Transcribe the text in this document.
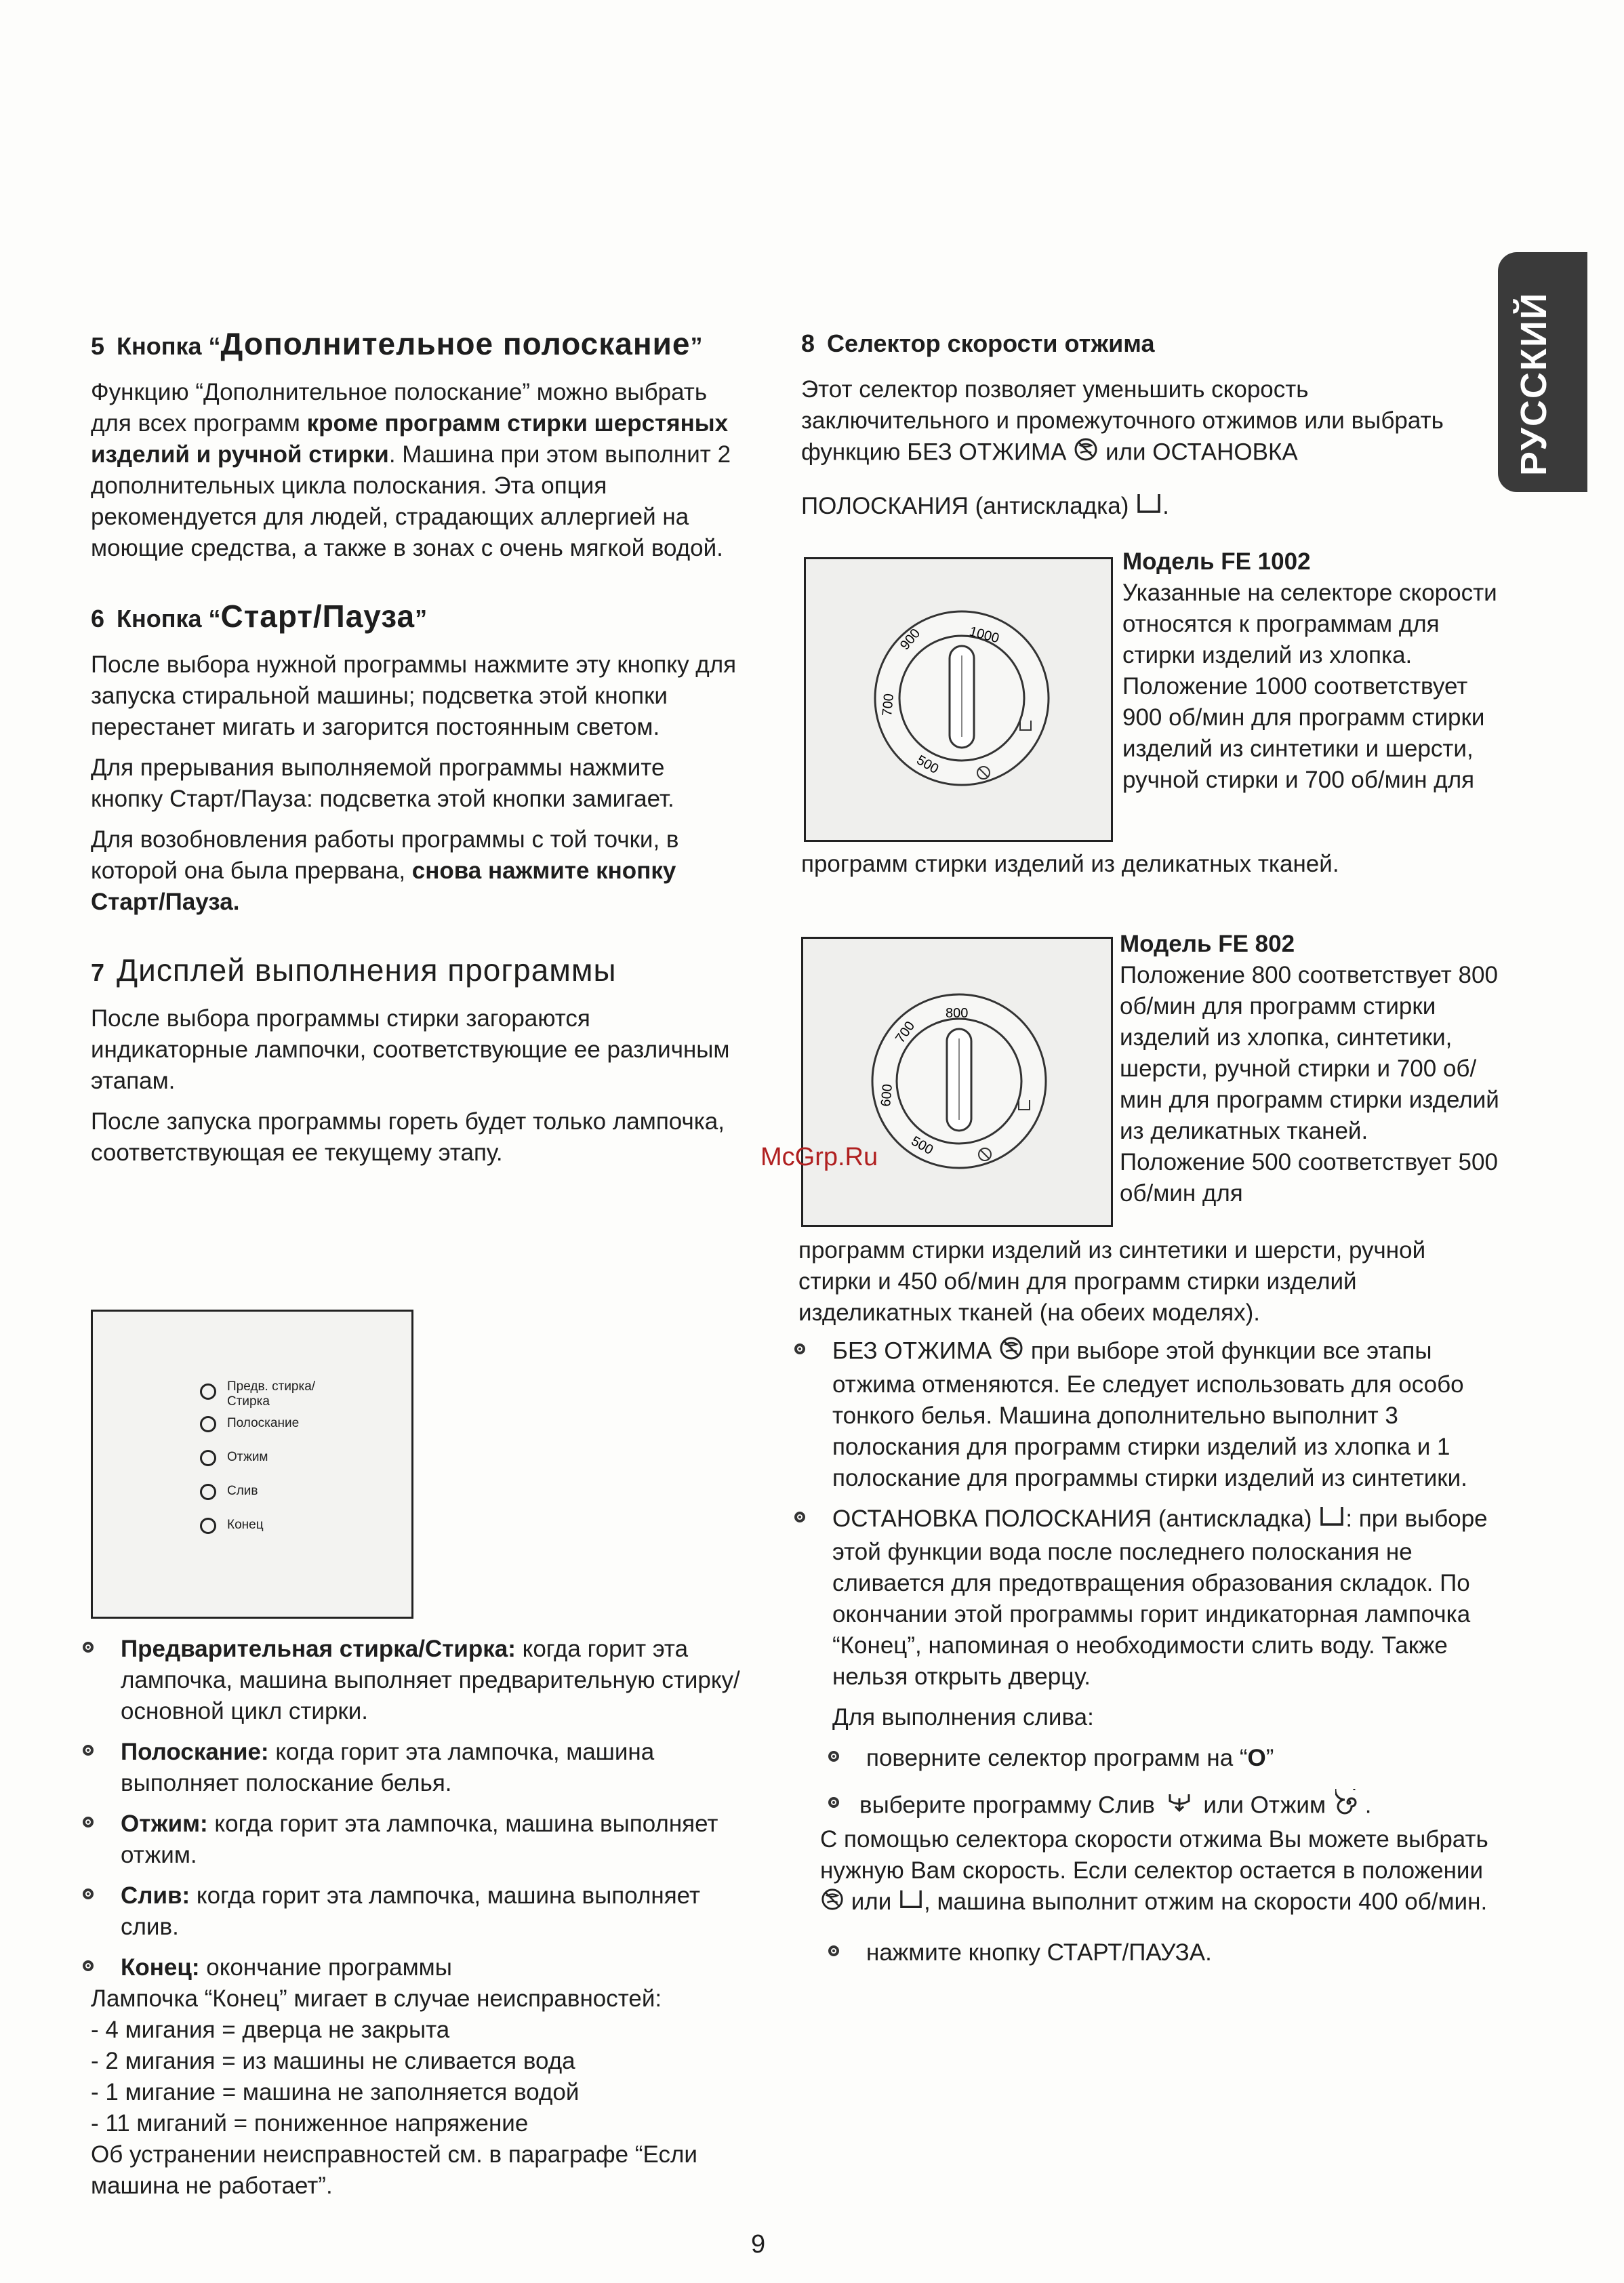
РУССКИЙ
5 Кнопка “Дополнительное полоскание”

Функцию “Дополнительное полоскание” можно выбрать для всех программ кроме программ стирки шерстяных изделий и ручной стирки. Машина при этом выполнит 2 дополнительных цикла полоскания. Эта опция рекомендуется для людей, страдающих аллергией на моющие средства, а также в зонах с очень мягкой водой.

6 Кнопка “Старт/Пауза”

После выбора нужной программы нажмите эту кнопку для запуска стиральной машины; подсветка этой кнопки перестанет мигать и загорится постоянным светом.

Для прерывания выполняемой программы нажмите кнопку Старт/Пауза: подсветка этой кнопки замигает.

Для возобновления работы программы с той точки, в которой она была прервана, снова нажмите кнопку Старт/Пауза.

7 Дисплей выполнения программы

После выбора программы стирки загораются индикаторные лампочки, соответствующие ее различным этапам.

После запуска программы гореть будет только лампочка, соответствующая ее текущему этапу.

Предв. стирка/ Стирка
Полоскание
Отжим
Слив
Конец
Предварительная стирка/Стирка: когда горит эта лампочка, машина выполняет предварительную стирку/основной цикл стирки.
Полоскание: когда горит эта лампочка, машина выполняет полоскание белья.
Отжим: когда горит эта лампочка, машина выполняет отжим.
Слив: когда горит эта лампочка, машина выполняет слив.
Конец: окончание программы
Лампочка “Конец” мигает в случае неисправностей:
- 4 мигания = дверца не закрыта
- 2 мигания = из машины не сливается вода
- 1 мигание = машина не заполняется водой
- 11 миганий = пониженное напряжение
Об устранении неисправностей см. в параграфе “Если машина не работает”.
8 Селектор скорости отжима

Этот селектор позволяет уменьшить скорость заключительного и промежуточного отжимов или выбрать функцию БЕЗ ОТЖИМА или ОСТАНОВКА

ПОЛОСКАНИЯ (антискладка) .

1000
900
700
500
Модель FE 1002
Указанные на селекторе скорости относятся к программам для стирки изделий из хлопка. Положение 1000 соответствует 900 об/мин для программ стирки изделий из синтетики и шерсти, ручной стирки и 700 об/мин для
программ стирки изделий из деликатных тканей.
800
700
600
500
Модель FE 802
Положение 800 соответствует 800 об/мин для программ стирки изделий из хлопка, синтетики, шерсти, ручной стирки и 700 об/мин для программ стирки изделий из деликатных тканей. Положение 500 соответствует 500 об/мин для
программ стирки изделий из синтетики и шерсти, ручной стирки и 450 об/мин для программ стирки изделий изделикатных тканей (на обеих моделях).
БЕЗ ОТЖИМА  при выборе этой функции все этапы отжима отменяются. Ее следует использовать для особо тонкого белья. Машина дополнительно выполнит 3 полоскания для программ стирки изделий из хлопка и 1 полоскание для программы стирки изделий из синтетики.
ОСТАНОВКА ПОЛОСКАНИЯ (антискладка) : при выборе этой функции вода после последнего полоскания не сливается для предотвращения образования складок. По окончании этой программы горит индикаторная лампочка “Конец”, напоминая о необходимости слить воду. Также нельзя открыть дверцу.
Для выполнения слива:
поверните селектор программ на “O”
выберите программу Слив или Отжим .
С помощью селектора скорости отжима Вы можете выбрать нужную Вам скорость. Если селектор остается в положении  или , машина выполнит отжим на скорости 400 об/мин.
нажмите кнопку СТАРТ/ПАУЗА.
McGrp.Ru
9
